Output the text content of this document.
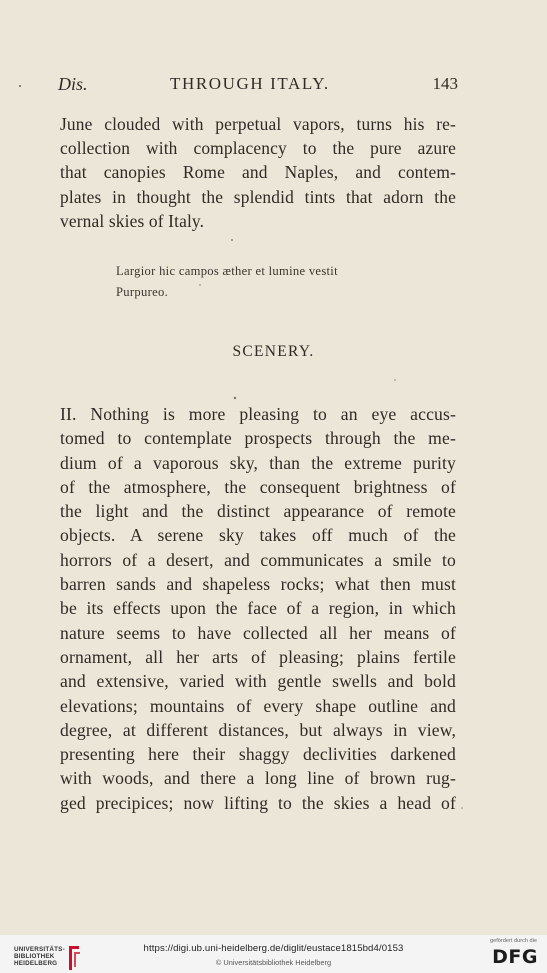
Dis.	THROUGH ITALY.	143
June clouded with perpetual vapors, turns his re-
collection with complacency to the pure azure
that canopies Rome and Naples, and contem-
plates in thought the splendid tints that adorn the
vernal skies of Italy.
Largior hic campos æther et lumine vestit
Purpureo.
SCENERY.
II. Nothing is more pleasing to an eye accus-
tomed to contemplate prospects through the me-
dium of a vaporous sky, than the extreme purity
of the atmosphere, the consequent brightness of
the light and the distinct appearance of remote
objects. A serene sky takes off much of the
horrors of a desert, and communicates a smile to
barren sands and shapeless rocks; what then must
be its effects upon the face of a region, in which
nature seems to have collected all her means of
ornament, all her arts of pleasing; plains fertile
and extensive, varied with gentle swells and bold
elevations; mountains of every shape outline and
degree, at different distances, but always in view,
presenting here their shaggy declivities darkened
with woods, and there a long line of brown rug-
ged precipices; now lifting to the skies a head of
UNIVERSITÄTS-
BIBLIOTHEK
HEIDELBERG
https://digi.ub.uni-heidelberg.de/diglit/eustace1815bd4/0153
© Universitätsbibliothek Heidelberg
gefördert durch die
DFG
